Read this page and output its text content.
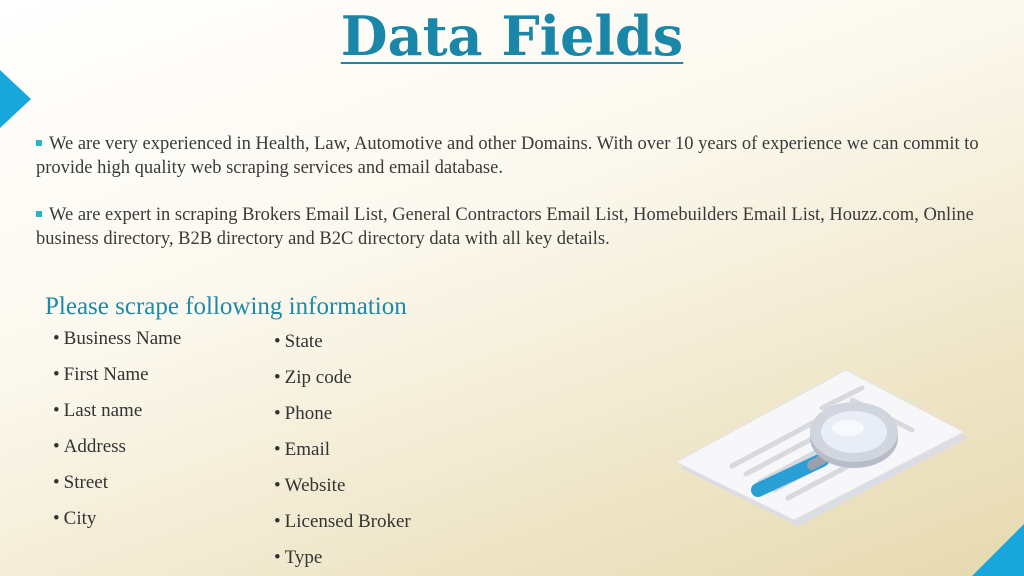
Data Fields

We are very experienced in Health, Law, Automotive and other Domains. With over 10 years of experience we can commit to provide high quality web scraping services and email database.

We are expert in scraping Brokers Email List, General Contractors Email List, Homebuilders Email List, Houzz.com, Online business directory, B2B directory and B2C directory data with all key details.

Please scrape following information
• Business Name
• First Name
• Last name
• Address
• Street
• City
• State
• Zip code
• Phone
• Email
• Website
• Licensed Broker
• Type
